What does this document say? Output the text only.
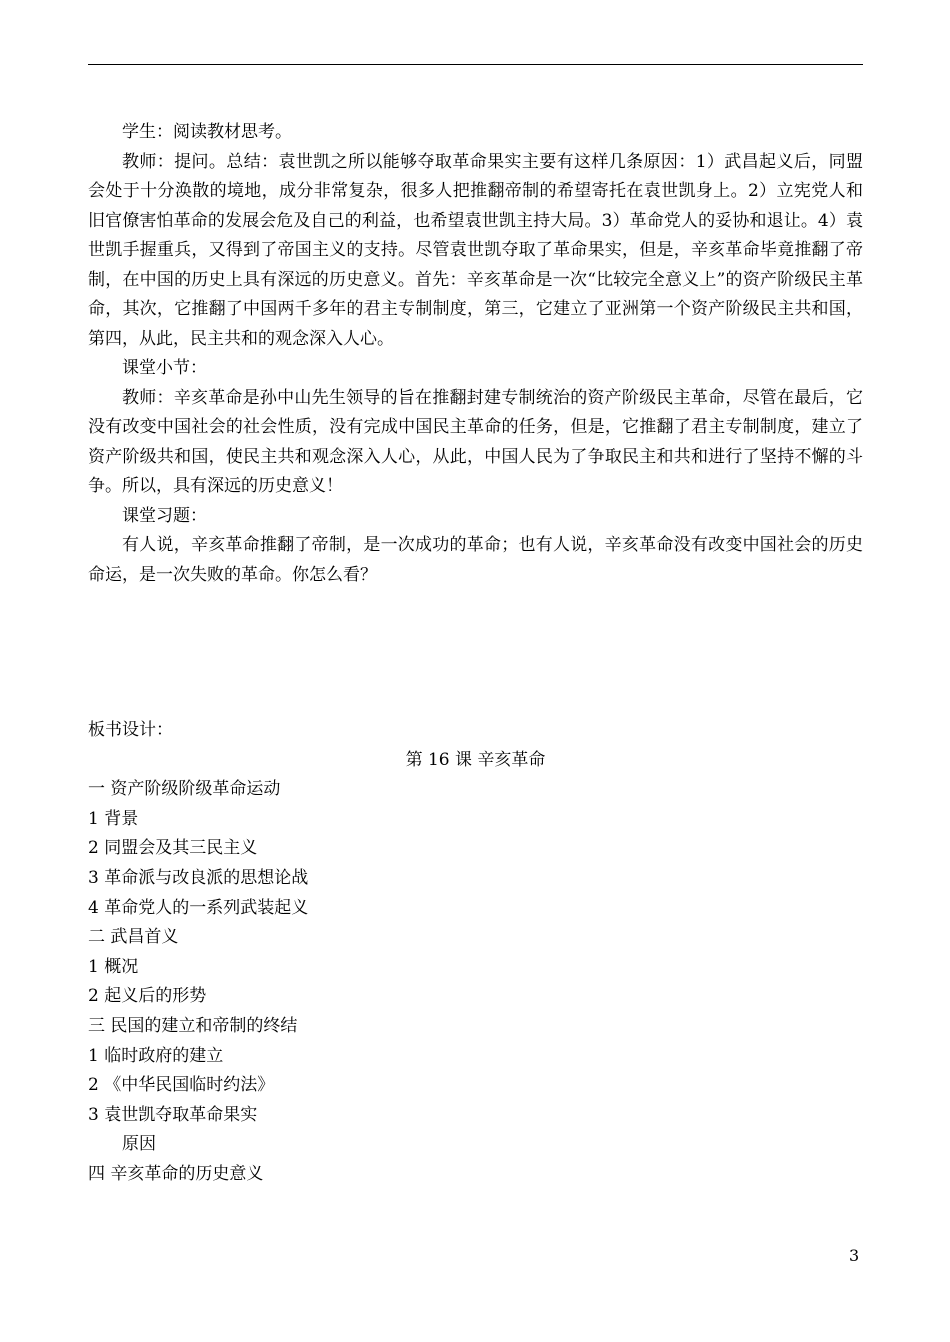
学生：阅读教材思考。

教师：提问。总结：袁世凯之所以能够夺取革命果实主要有这样几条原因：1）武昌起义后，同盟会处于十分涣散的境地，成分非常复杂，很多人把推翻帝制的希望寄托在袁世凯身上。2）立宪党人和旧官僚害怕革命的发展会危及自己的利益，也希望袁世凯主持大局。3）革命党人的妥协和退让。4）袁世凯手握重兵，又得到了帝国主义的支持。尽管袁世凯夺取了革命果实，但是，辛亥革命毕竟推翻了帝制，在中国的历史上具有深远的历史意义。首先：辛亥革命是一次“比较完全意义上”的资产阶级民主革命，其次，它推翻了中国两千多年的君主专制制度，第三，它建立了亚洲第一个资产阶级民主共和国，第四，从此，民主共和的观念深入人心。

课堂小节：

教师：辛亥革命是孙中山先生领导的旨在推翻封建专制统治的资产阶级民主革命，尽管在最后，它没有改变中国社会的社会性质，没有完成中国民主革命的任务，但是，它推翻了君主专制制度，建立了资产阶级共和国，使民主共和观念深入人心，从此，中国人民为了争取民主和共和进行了坚持不懈的斗争。所以，具有深远的历史意义！

课堂习题：

有人说，辛亥革命推翻了帝制，是一次成功的革命；也有人说，辛亥革命没有改变中国社会的历史命运，是一次失败的革命。你怎么看？

板书设计：

第 16 课 辛亥革命

一 资产阶级阶级革命运动
1 背景
2 同盟会及其三民主义
3 革命派与改良派的思想论战
4 革命党人的一系列武装起义
二 武昌首义
1 概况
2 起义后的形势
三 民国的建立和帝制的终结
1 临时政府的建立
2 《中华民国临时约法》
3 袁世凯夺取革命果实
原因
四 辛亥革命的历史意义
3
